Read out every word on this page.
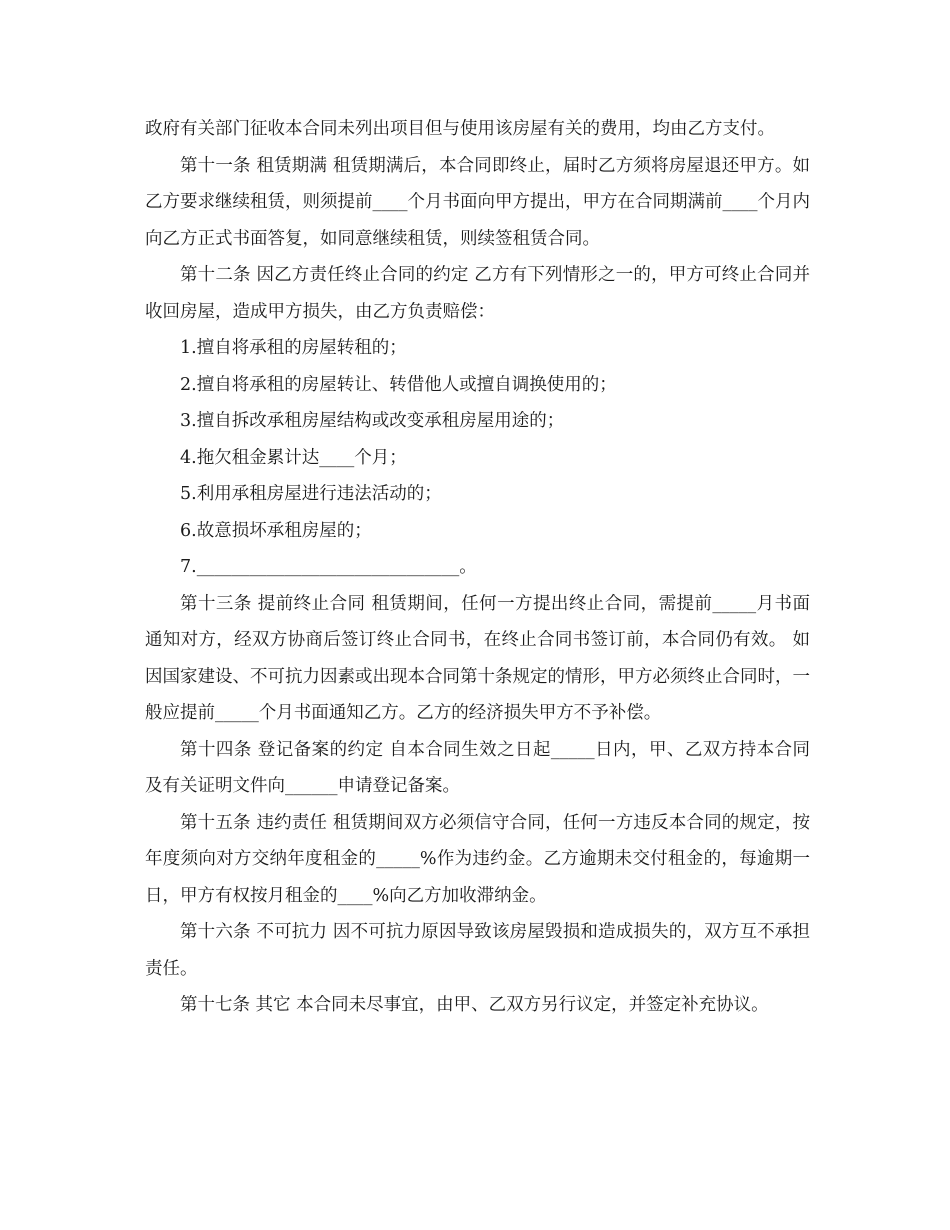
政府有关部门征收本合同未列出项目但与使用该房屋有关的费用，均由乙方支付。

第十一条 租赁期满 租赁期满后，本合同即终止，届时乙方须将房屋退还甲方。如乙方要求继续租赁，则须提前____个月书面向甲方提出，甲方在合同期满前____个月内向乙方正式书面答复，如同意继续租赁，则续签租赁合同。

第十二条 因乙方责任终止合同的约定 乙方有下列情形之一的，甲方可终止合同并收回房屋，造成甲方损失，由乙方负责赔偿：

1.擅自将承租的房屋转租的；

2.擅自将承租的房屋转让、转借他人或擅自调换使用的；

3.擅自拆改承租房屋结构或改变承租房屋用途的；

4.拖欠租金累计达____个月；

5.利用承租房屋进行违法活动的；

6.故意损坏承租房屋的；

7.______________________________。

第十三条 提前终止合同 租赁期间，任何一方提出终止合同，需提前_____月书面通知对方，经双方协商后签订终止合同书，在终止合同书签订前，本合同仍有效。 如因国家建设、不可抗力因素或出现本合同第十条规定的情形，甲方必须终止合同时，一般应提前_____个月书面通知乙方。乙方的经济损失甲方不予补偿。

第十四条 登记备案的约定 自本合同生效之日起_____日内，甲、乙双方持本合同及有关证明文件向______申请登记备案。

第十五条 违约责任 租赁期间双方必须信守合同，任何一方违反本合同的规定，按年度须向对方交纳年度租金的_____%作为违约金。乙方逾期未交付租金的，每逾期一日，甲方有权按月租金的____%向乙方加收滞纳金。

第十六条 不可抗力 因不可抗力原因导致该房屋毁损和造成损失的，双方互不承担责任。

第十七条 其它 本合同未尽事宜，由甲、乙双方另行议定，并签定补充协议。
